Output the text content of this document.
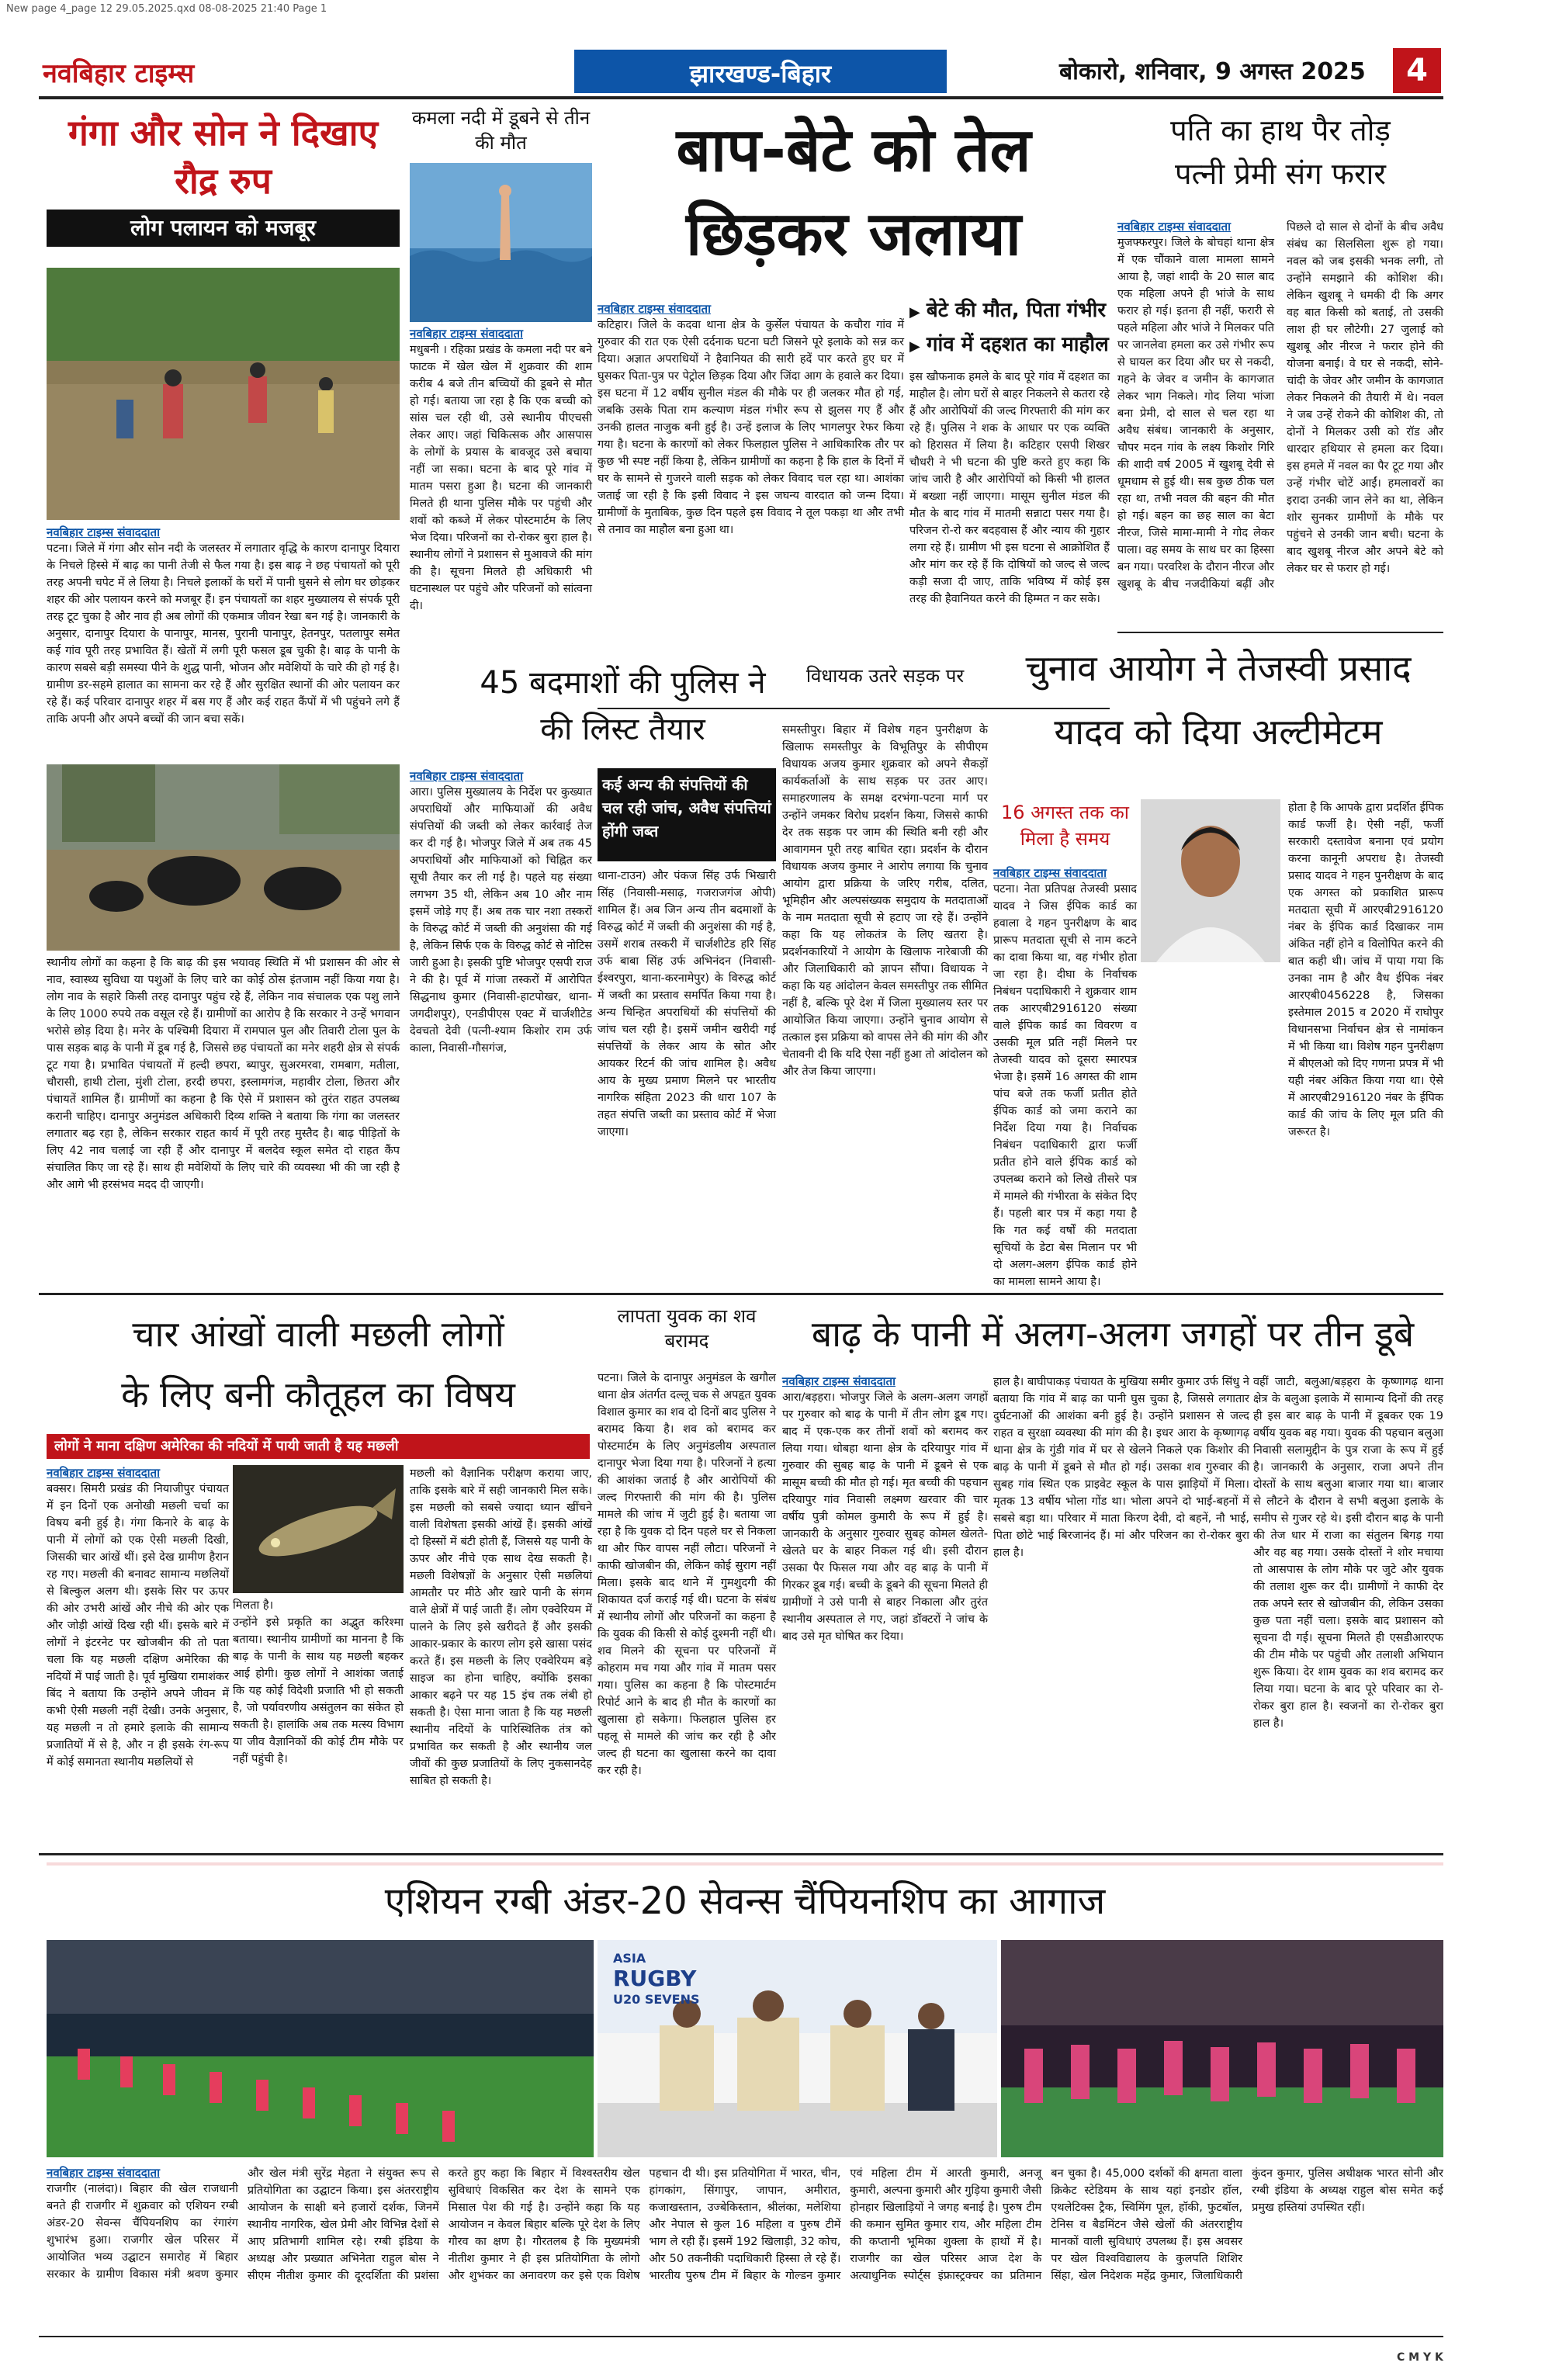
New page 4_page 12 29.05.2025.qxd 08-08-2025 21:40 Page 1
नवबिहार टाइम्स	झारखण्ड-बिहार	बोकारो, शनिवार, 9 अगस्त 2025	4
गंगा और सोन ने दिखाए रौद्र रुप
लोग पलायन को मजबूर
नवबिहार टाइम्स संवाददाता
पटना। जिले में गंगा और सोन नदी के जलस्तर में लगातार वृद्धि के कारण दानापुर दियारा के निचले हिस्से में बाढ़ का पानी तेजी से फैल गया है। इस बाढ़ ने छह पंचायतों को पूरी तरह अपनी चपेट में ले लिया है। निचले इलाकों के घरों में पानी घुसने से लोग घर छोड़कर शहर की ओर पलायन करने को मजबूर हैं। इन पंचायतों का शहर मुख्यालय से संपर्क पूरी तरह टूट चुका है और नाव ही अब लोगों की एकमात्र जीवन रेखा बन गई है। जानकारी के अनुसार, दानापुर दियारा के पानापुर, मानस, पुरानी पानापुर, हेतनपुर, पतलापुर समेत कई गांव पूरी तरह प्रभावित हैं। खेतों में लगी पूरी फसल डूब चुकी है। बाढ़ के पानी के कारण सबसे बड़ी समस्या पीने के शुद्ध पानी, भोजन और मवेशियों के चारे की हो गई है। ग्रामीण डर-सहमे हालात का सामना कर रहे हैं और सुरक्षित स्थानों की ओर पलायन कर रहे हैं। कई परिवार दानापुर शहर में बस गए हैं और कई राहत कैंपों में भी पहुंचने लगे हैं ताकि अपनी और अपने बच्चों की जान बचा सकें।
स्थानीय लोगों का कहना है कि बाढ़ की इस भयावह स्थिति में भी प्रशासन की ओर से नाव, स्वास्थ्य सुविधा या पशुओं के लिए चारे का कोई ठोस इंतजाम नहीं किया गया है। लोग नाव के सहारे किसी तरह दानापुर पहुंच रहे हैं, लेकिन नाव संचालक एक पशु लाने के लिए 1000 रुपये तक वसूल रहे हैं। ग्रामीणों का आरोप है कि सरकार ने उन्हें भगवान भरोसे छोड़ दिया है। मनेर के पश्चिमी दियारा में रामपाल पुल और तिवारी टोला पुल के पास सड़क बाढ़ के पानी में डूब गई है, जिससे छह पंचायतों का मनेर शहरी क्षेत्र से संपर्क टूट गया है। प्रभावित पंचायतों में हल्दी छपरा, ब्यापुर, सुअरमरवा, रामबाग, मतीला, चौरासी, हाथी टोला, मुंशी टोला, हरदी छपरा, इस्लामगंज, महावीर टोला, छितरा और पंचायतें शामिल हैं। ग्रामीणों का कहना है कि ऐसे में प्रशासन को तुरंत राहत उपलब्ध करानी चाहिए। दानापुर अनुमंडल अधिकारी दिव्य शक्ति ने बताया कि गंगा का जलस्तर लगातार बढ़ रहा है, लेकिन सरकार राहत कार्य में पूरी तरह मुस्तैद है। बाढ़ पीड़ितों के लिए 42 नाव चलाई जा रही हैं और दानापुर में बलदेव स्कूल समेत दो राहत कैंप संचालित किए जा रहे हैं। साथ ही मवेशियों के लिए चारे की व्यवस्था भी की जा रही है और आगे भी हरसंभव मदद दी जाएगी।
कमला नदी में डूबने से तीन की मौत
नवबिहार टाइम्स संवाददाता
मधुबनी । रहिका प्रखंड के कमला नदी पर बने फाटक में खेल खेल में शुक्रवार की शाम करीब 4 बजे तीन बच्चियों की डूबने से मौत हो गई। बताया जा रहा है कि एक बच्ची को सांस चल रही थी, उसे स्थानीय पीएचसी लेकर आए। जहां चिकित्सक और आसपास के लोगों के प्रयास के बावजूद उसे बचाया नहीं जा सका। घटना के बाद पूरे गांव में मातम पसरा हुआ है। घटना की जानकारी मिलते ही थाना पुलिस मौके पर पहुंची और शवों को कब्जे में लेकर पोस्टमार्टम के लिए भेज दिया। परिजनों का रो-रोकर बुरा हाल है। स्थानीय लोगों ने प्रशासन से मुआवजे की मांग की है। सूचना मिलते ही अधिकारी भी घटनास्थल पर पहुंचे और परिजनों को सांत्वना दी।
बाप-बेटे को तेल
छिड़कर जलाया
नवबिहार टाइम्स संवाददाता
कटिहार। जिले के कदवा थाना क्षेत्र के कुर्सेल पंचायत के कचौरा गांव में गुरुवार की रात एक ऐसी दर्दनाक घटना घटी जिसने पूरे इलाके को सन्न कर दिया। अज्ञात अपराधियों ने हैवानियत की सारी हदें पार करते हुए घर में घुसकर पिता-पुत्र पर पेट्रोल छिड़क दिया और जिंदा आग के हवाले कर दिया। इस घटना में 12 वर्षीय सुनील मंडल की मौके पर ही जलकर मौत हो गई, जबकि उसके पिता राम कल्याण मंडल गंभीर रूप से झुलस गए हैं और उनकी हालत नाजुक बनी हुई है। उन्हें इलाज के लिए भागलपुर रेफर किया गया है। घटना के कारणों को लेकर फिलहाल पुलिस ने आधिकारिक तौर पर कुछ भी स्पष्ट नहीं किया है, लेकिन ग्रामीणों का कहना है कि हाल के दिनों में घर के सामने से गुजरने वाली सड़क को लेकर विवाद चल रहा था। आशंका जताई जा रही है कि इसी विवाद ने इस जघन्य वारदात को जन्म दिया। ग्रामीणों के मुताबिक, कुछ दिन पहले इस विवाद ने तूल पकड़ा था और तभी से तनाव का माहौल बना हुआ था।
▶ बेटे की मौत, पिता गंभीर
▶ गांव में दहशत का माहौल
इस खौफनाक हमले के बाद पूरे गांव में दहशत का माहौल है। लोग घरों से बाहर निकलने से कतरा रहे हैं और आरोपियों की जल्द गिरफ्तारी की मांग कर रहे हैं। पुलिस ने शक के आधार पर एक व्यक्ति को हिरासत में लिया है। कटिहार एसपी शिखर चौधरी ने भी घटना की पुष्टि करते हुए कहा कि जांच जारी है और आरोपियों को किसी भी हालत में बख्शा नहीं जाएगा। मासूम सुनील मंडल की मौत के बाद गांव में मातमी सन्नाटा पसर गया है। परिजन रो-रो कर बदहवास हैं और न्याय की गुहार लगा रहे हैं। ग्रामीण भी इस घटना से आक्रोशित हैं और मांग कर रहे हैं कि दोषियों को जल्द से जल्द कड़ी सजा दी जाए, ताकि भविष्य में कोई इस तरह की हैवानियत करने की हिम्मत न कर सके।
पति का हाथ पैर तोड़
पत्नी प्रेमी संग फरार
नवबिहार टाइम्स संवाददाता
मुजफ्फरपुर। जिले के बोचहां थाना क्षेत्र में एक चौंकाने वाला मामला सामने आया है, जहां शादी के 20 साल बाद एक महिला अपने ही भांजे के साथ फरार हो गई। इतना ही नहीं, फरारी से पहले महिला और भांजे ने मिलकर पति पर जानलेवा हमला कर उसे गंभीर रूप से घायल कर दिया और घर से नकदी, गहने के जेवर व जमीन के कागजात लेकर भाग निकले। गोद लिया भांजा बना प्रेमी, दो साल से चल रहा था अवैध संबंध। जानकारी के अनुसार, चौपर मदन गांव के लक्ष्य किशोर गिरि की शादी वर्ष 2005 में खुशबू देवी से धूमधाम से हुई थी। सब कुछ ठीक चल रहा था, तभी नवल की बहन की मौत हो गई। बहन का छह साल का बेटा नीरज, जिसे मामा-मामी ने गोद लेकर पाला। वह समय के साथ घर का हिस्सा बन गया। परवरिश के दौरान नीरज और खुशबू के बीच नजदीकियां बढ़ीं और पिछले दो साल से दोनों के बीच अवैध संबंध का सिलसिला शुरू हो गया। नवल को जब इसकी भनक लगी, तो उन्होंने समझाने की कोशिश की। लेकिन खुशबू ने धमकी दी कि अगर वह बात किसी को बताई, तो उसकी लाश ही घर लौटेगी। 27 जुलाई को खुशबू और नीरज ने फरार होने की योजना बनाई। वे घर से नकदी, सोने-चांदी के जेवर और जमीन के कागजात लेकर निकलने की तैयारी में थे। नवल ने जब उन्हें रोकने की कोशिश की, तो दोनों ने मिलकर उसी को रॉड और धारदार हथियार से हमला कर दिया। इस हमले में नवल का पैर टूट गया और उन्हें गंभीर चोटें आईं। हमलावरों का इरादा उनकी जान लेने का था, लेकिन शोर सुनकर ग्रामीणों के मौके पर पहुंचने से उनकी जान बची। घटना के बाद खुशबू नीरज और अपने बेटे को लेकर घर से फरार हो गई।
45 बदमाशों की पुलिस ने की लिस्ट तैयार
नवबिहार टाइम्स संवाददाता
आरा। पुलिस मुख्यालय के निर्देश पर कुख्यात अपराधियों और माफियाओं की अवैध संपत्तियों की जब्ती को लेकर कार्रवाई तेज कर दी गई है। भोजपुर जिले में अब तक 45 अपराधियों और माफियाओं को चिह्नित कर सूची तैयार कर ली गई है। पहले यह संख्या लगभग 35 थी, लेकिन अब 10 और नाम इसमें जोड़े गए हैं। अब तक चार नशा तस्करों के विरुद्ध कोर्ट में जब्ती की अनुशंसा की गई है, लेकिन सिर्फ एक के विरुद्ध कोर्ट से नोटिस जारी हुआ है। इसकी पुष्टि भोजपुर एसपी राज ने की है। पूर्व में गांजा तस्करों में आरोपित सिद्धनाथ कुमार (निवासी-हाटपोखर, थाना-जगदीशपुर), एनडीपीएस एक्ट में चार्जशीटेड देवचतो देवी (पत्नी-श्याम किशोर राम उर्फ काला, निवासी-गौसगंज,
कई अन्य की संपत्तियों की चल रही जांच, अवैध संपत्तियां होंगी जब्त
थाना-टाउन) और पंकज सिंह उर्फ भिखारी सिंह (निवासी-मसाढ़, गजराजगंज ओपी) शामिल हैं। अब जिन अन्य तीन बदमाशों के विरुद्ध कोर्ट में जब्ती की अनुशंसा की गई है, उसमें शराब तस्करी में चार्जशीटेड हरि सिंह उर्फ बाबा सिंह उर्फ अभिनंदन (निवासी-ईश्वरपुरा, थाना-करनामेपुर) के विरुद्ध कोर्ट में जब्ती का प्रस्ताव समर्पित किया गया है। अन्य चिन्हित अपराधियों की संपत्तियों की जांच चल रही है। इसमें जमीन खरीदी गई संपत्तियों के लेकर आय के स्रोत और आयकर रिटर्न की जांच शामिल है। अवैध आय के मुख्य प्रमाण मिलने पर भारतीय नागरिक संहिता 2023 की धारा 107 के तहत संपत्ति जब्ती का प्रस्ताव कोर्ट में भेजा जाएगा।
विधायक उतरे सड़क पर
समस्तीपुर। बिहार में विशेष गहन पुनरीक्षण के खिलाफ समस्तीपुर के विभूतिपुर के सीपीएम विधायक अजय कुमार शुक्रवार को अपने सैकड़ों कार्यकर्ताओं के साथ सड़क पर उतर आए। समाहरणालय के समक्ष दरभंगा-पटना मार्ग पर उन्होंने जमकर विरोध प्रदर्शन किया, जिससे काफी देर तक सड़क पर जाम की स्थिति बनी रही और आवागमन पूरी तरह बाधित रहा। प्रदर्शन के दौरान विधायक अजय कुमार ने आरोप लगाया कि चुनाव आयोग द्वारा प्रक्रिया के जरिए गरीब, दलित, भूमिहीन और अल्पसंख्यक समुदाय के मतदाताओं के नाम मतदाता सूची से हटाए जा रहे हैं। उन्होंने कहा कि यह लोकतंत्र के लिए खतरा है। प्रदर्शनकारियों ने आयोग के खिलाफ नारेबाजी की और जिलाधिकारी को ज्ञापन सौंपा। विधायक ने कहा कि यह आंदोलन केवल समस्तीपुर तक सीमित नहीं है, बल्कि पूरे देश में जिला मुख्यालय स्तर पर आयोजित किया जाएगा। उन्होंने चुनाव आयोग से तत्काल इस प्रक्रिया को वापस लेने की मांग की और चेतावनी दी कि यदि ऐसा नहीं हुआ तो आंदोलन को और तेज किया जाएगा।
चुनाव आयोग ने तेजस्वी प्रसाद
यादव को दिया अल्टीमेटम
16 अगस्त तक का मिला है समय
नवबिहार टाइम्स संवाददाता
पटना। नेता प्रतिपक्ष तेजस्वी प्रसाद यादव ने जिस ईपिक कार्ड का हवाला दे गहन पुनरीक्षण के बाद प्रारूप मतदाता सूची से नाम कटने का दावा किया था, वह गंभीर होता जा रहा है। दीघा के निर्वाचक निबंधन पदाधिकारी ने शुक्रवार शाम तक आरएबी2916120 संख्या वाले ईपिक कार्ड का विवरण व उसकी मूल प्रति नहीं मिलने पर तेजस्वी यादव को दूसरा स्मारपत्र भेजा है। इसमें 16 अगस्त की शाम पांच बजे तक फर्जी प्रतीत होते ईपिक कार्ड को जमा कराने का निर्देश दिया गया है। निर्वाचक निबंधन पदाधिकारी द्वारा फर्जी प्रतीत होने वाले ईपिक कार्ड को उपलब्ध कराने को लिखे तीसरे पत्र में मामले की गंभीरता के संकेत दिए हैं। पहली बार पत्र में कहा गया है कि गत कई वर्षों की मतदाता सूचियों के डेटा बेस मिलान पर भी दो अलग-अलग ईपिक कार्ड होने का मामला सामने आया है।
होता है कि आपके द्वारा प्रदर्शित ईपिक कार्ड फर्जी है। ऐसी नहीं, फर्जी सरकारी दस्तावेज बनाना एवं प्रयोग करना कानूनी अपराध है। तेजस्वी प्रसाद यादव ने गहन पुनरीक्षण के बाद एक अगस्त को प्रकाशित प्रारूप मतदाता सूची में आरएबी2916120 नंबर के ईपिक कार्ड दिखाकर नाम अंकित नहीं होने व विलोपित करने की बात कही थी। जांच में पाया गया कि उनका नाम है और वैध ईपिक नंबर आरएबी0456228 है, जिसका इस्तेमाल 2015 व 2020 में राघोपुर विधानसभा निर्वाचन क्षेत्र से नामांकन में भी किया था। विशेष गहन पुनरीक्षण में बीएलओ को दिए गणना प्रपत्र में भी यही नंबर अंकित किया गया था। ऐसे में आरएबी2916120 नंबर के ईपिक कार्ड की जांच के लिए मूल प्रति की जरूरत है।
चार आंखों वाली मछली लोगों
के लिए बनी कौतूहल का विषय
लोगों ने माना दक्षिण अमेरिका की नदियों में पायी जाती है यह मछली
नवबिहार टाइम्स संवाददाता
बक्सर। सिमरी प्रखंड की नियाजीपुर पंचायत में इन दिनों एक अनोखी मछली चर्चा का विषय बनी हुई है। गंगा किनारे के बाढ़ के पानी में लोगों को एक ऐसी मछली दिखी, जिसकी चार आंखें थीं। इसे देख ग्रामीण हैरान रह गए। मछली की बनावट सामान्य मछलियों से बिल्कुल अलग थी। इसके सिर पर ऊपर की ओर उभरी आंखें और नीचे की ओर एक और जोड़ी आंखें दिख रही थीं। इसके बारे में लोगों ने इंटरनेट पर खोजबीन की तो पता चला कि यह मछली दक्षिण अमेरिका की नदियों में पाई जाती है। पूर्व मुखिया रामाशंकर बिंद ने बताया कि उन्होंने अपने जीवन में कभी ऐसी मछली नहीं देखी। उनके अनुसार, यह मछली न तो हमारे इलाके की सामान्य प्रजातियों में से है, और न ही इसके रंग-रूप में कोई समानता स्थानीय मछलियों से
मिलता है।
उन्होंने इसे प्रकृति का अद्भुत करिश्मा बताया। स्थानीय ग्रामीणों का मानना है कि बाढ़ के पानी के साथ यह मछली बहकर आई होगी। कुछ लोगों ने आशंका जताई कि यह कोई विदेशी प्रजाति भी हो सकती है, जो पर्यावरणीय असंतुलन का संकेत हो सकती है। हालांकि अब तक मत्स्य विभाग या जीव वैज्ञानिकों की कोई टीम मौके पर नहीं पहुंची है।
मछली को वैज्ञानिक परीक्षण कराया जाए, ताकि इसके बारे में सही जानकारी मिल सके। इस मछली को सबसे ज्यादा ध्यान खींचने वाली विशेषता इसकी आंखें हैं। इसकी आंखें दो हिस्सों में बंटी होती हैं, जिससे यह पानी के ऊपर और नीचे एक साथ देख सकती है। मछली विशेषज्ञों के अनुसार ऐसी मछलियां आमतौर पर मीठे और खारे पानी के संगम वाले क्षेत्रों में पाई जाती हैं। लोग एक्वेरियम में पालने के लिए इसे खरीदते हैं और इसकी आकार-प्रकार के कारण लोग इसे खासा पसंद करते हैं। इस मछली के लिए एक्वेरियम बड़े साइज का होना चाहिए, क्योंकि इसका आकार बढ़ने पर यह 15 इंच तक लंबी हो सकती है। ऐसा माना जाता है कि यह मछली स्थानीय नदियों के पारिस्थितिक तंत्र को प्रभावित कर सकती है और स्थानीय जल जीवों की कुछ प्रजातियों के लिए नुकसानदेह साबित हो सकती है।
लापता युवक का शव बरामद
पटना। जिले के दानापुर अनुमंडल के खगौल थाना क्षेत्र अंतर्गत दल्लू चक से अपहृत युवक विशाल कुमार का शव दो दिनों बाद पुलिस ने बरामद किया है। शव को बरामद कर पोस्टमार्टम के लिए अनुमंडलीय अस्पताल दानापुर भेजा दिया गया है। परिजनों ने हत्या की आशंका जताई है और आरोपियों की जल्द गिरफ्तारी की मांग की है। पुलिस मामले की जांच में जुटी हुई है। बताया जा रहा है कि युवक दो दिन पहले घर से निकला था और फिर वापस नहीं लौटा। परिजनों ने काफी खोजबीन की, लेकिन कोई सुराग नहीं मिला। इसके बाद थाने में गुमशुदगी की शिकायत दर्ज कराई गई थी। घटना के संबंध में स्थानीय लोगों और परिजनों का कहना है कि युवक की किसी से कोई दुश्मनी नहीं थी। शव मिलने की सूचना पर परिजनों में कोहराम मच गया और गांव में मातम पसर गया। पुलिस का कहना है कि पोस्टमार्टम रिपोर्ट आने के बाद ही मौत के कारणों का खुलासा हो सकेगा। फिलहाल पुलिस हर पहलू से मामले की जांच कर रही है और जल्द ही घटना का खुलासा करने का दावा कर रही है।
बाढ़ के पानी में अलग-अलग जगहों पर तीन डूबे
नवबिहार टाइम्स संवाददाता
आरा/बड़हरा। भोजपुर जिले के अलग-अलग जगहों पर गुरुवार को बाढ़ के पानी में तीन लोग डूब गए। बाद में एक-एक कर तीनों शवों को बरामद कर लिया गया। धोबहा थाना क्षेत्र के दरियापुर गांव में गुरुवार की सुबह बाढ़ के पानी में डूबने से एक मासूम बच्ची की मौत हो गई। मृत बच्ची की पहचान दरियापुर गांव निवासी लक्ष्मण खरवार की चार वर्षीय पुत्री कोमल कुमारी के रूप में हुई है। जानकारी के अनुसार गुरुवार सुबह कोमल खेलते-खेलते घर के बाहर निकल गई थी। इसी दौरान उसका पैर फिसल गया और वह बाढ़ के पानी में गिरकर डूब गई। बच्ची के डूबने की सूचना मिलते ही ग्रामीणों ने उसे पानी से बाहर निकाला और तुरंत स्थानीय अस्पताल ले गए, जहां डॉक्टरों ने जांच के बाद उसे मृत घोषित कर दिया।
हाल है। बाघीपाकड़ पंचायत के मुखिया समीर कुमार उर्फ सिंधु ने बताया कि गांव में बाढ़ का पानी घुस चुका है, जिससे लगातार दुर्घटनाओं की आशंका बनी हुई है। उन्होंने प्रशासन से जल्द राहत व सुरक्षा व्यवस्था की मांग की है। इधर आरा के कृष्णागढ़ थाना क्षेत्र के गुंडी गांव में घर से खेलने निकले एक किशोर की बाढ़ के पानी में डूबने से मौत हो गई। उसका शव गुरुवार की सुबह गांव स्थित एक प्राइवेट स्कूल के पास झाड़ियों में मिला। मृतक 13 वर्षीय भोला गोंड था। भोला अपने दो भाई-बहनों में सबसे बड़ा था। परिवार में माता किरण देवी, दो बहनें, नौ भाई, पिता छोटे भाई बिरजानंद हैं। मां और परिजन का रो-रोकर बुरा हाल है।
वहीं जाटी, बलुआ/बड़हरा के कृष्णागढ़ थाना क्षेत्र के बलुआ इलाके में सामान्य दिनों की तरह ही इस बार बाढ़ के पानी में डूबकर एक 19 वर्षीय युवक बह गया। युवक की पहचान बलुआ निवासी सलामुद्दीन के पुत्र राजा के रूप में हुई है। जानकारी के अनुसार, राजा अपने तीन दोस्तों के साथ बलुआ बाजार गया था। बाजार से लौटने के दौरान वे सभी बलुआ इलाके के समीप से गुजर रहे थे। इसी दौरान बाढ़ के पानी की तेज धार में राजा का संतुलन बिगड़ गया और वह बह गया। उसके दोस्तों ने शोर मचाया तो आसपास के लोग मौके पर जुटे और युवक की तलाश शुरू कर दी। ग्रामीणों ने काफी देर तक अपने स्तर से खोजबीन की, लेकिन उसका कुछ पता नहीं चला। इसके बाद प्रशासन को सूचना दी गई। सूचना मिलते ही एसडीआरएफ की टीम मौके पर पहुंची और तलाशी अभियान शुरू किया। देर शाम युवक का शव बरामद कर लिया गया। घटना के बाद पूरे परिवार का रो-रोकर बुरा हाल है। स्वजनों का रो-रोकर बुरा हाल है।
एशियन रग्बी अंडर-20 सेवन्स चैंपियनशिप का आगाज
ASIA
RUGBY
U20 SEVENS
नवबिहार टाइम्स संवाददाता
राजगीर (नालंदा)। बिहार की खेल राजधानी बनते ही राजगीर में शुक्रवार को एशियन रग्बी अंडर-20 सेवन्स चैंपियनशिप का रंगारंग शुभारंभ हुआ। राजगीर खेल परिसर में आयोजित भव्य उद्घाटन समारोह में बिहार सरकार के ग्रामीण विकास मंत्री श्रवण कुमार और खेल मंत्री सुरेंद्र मेहता ने संयुक्त रूप से प्रतियोगिता का उद्घाटन किया। इस अंतरराष्ट्रीय आयोजन के साक्षी बने हजारों दर्शक, जिनमें स्थानीय नागरिक, खेल प्रेमी और विभिन्न देशों से आए प्रतिभागी शामिल रहे। रग्बी इंडिया के अध्यक्ष और प्रख्यात अभिनेता राहुल बोस ने सीएम नीतीश कुमार की दूरदर्शिता की प्रशंसा करते हुए कहा कि बिहार में विश्वस्तरीय खेल सुविधाएं विकसित कर देश के सामने एक मिसाल पेश की गई है। उन्होंने कहा कि यह आयोजन न केवल बिहार बल्कि पूरे देश के लिए गौरव का क्षण है। गौरतलब है कि मुख्यमंत्री नीतीश कुमार ने ही इस प्रतियोगिता के लोगो और शुभंकर का अनावरण कर इसे एक विशेष पहचान दी थी। इस प्रतियोगिता में भारत, चीन, हांगकांग, सिंगापुर, जापान, अमीरात, कजाखस्तान, उज्बेकिस्तान, श्रीलंका, मलेशिया और नेपाल से कुल 16 महिला व पुरुष टीमें भाग ले रही हैं। इसमें 192 खिलाड़ी, 32 कोच, और 50 तकनीकी पदाधिकारी हिस्सा ले रहे हैं। भारतीय पुरुष टीम में बिहार के गोल्डन कुमार एवं महिला टीम में आरती कुमारी, अनजू कुमारी, अल्पना कुमारी और गुड़िया कुमारी जैसी होनहार खिलाड़ियों ने जगह बनाई है। पुरुष टीम की कमान सुमित कुमार राय, और महिला टीम की कप्तानी भूमिका शुक्ला के हाथों में है। राजगीर का खेल परिसर आज देश के अत्याधुनिक स्पोर्ट्स इंफ्रास्ट्रक्चर का प्रतिमान बन चुका है। 45,000 दर्शकों की क्षमता वाला क्रिकेट स्टेडियम के साथ यहां इनडोर हॉल, एथलेटिक्स ट्रैक, स्विमिंग पूल, हॉकी, फुटबॉल, टेनिस व बैडमिंटन जैसे खेलों की अंतरराष्ट्रीय मानकों वाली सुविधाएं उपलब्ध हैं। इस अवसर पर खेल विश्वविद्यालय के कुलपति शिशिर सिंहा, खेल निदेशक महेंद्र कुमार, जिलाधिकारी कुंदन कुमार, पुलिस अधीक्षक भारत सोनी और रग्बी इंडिया के अध्यक्ष राहुल बोस समेत कई प्रमुख हस्तियां उपस्थित रहीं।
C M Y K
